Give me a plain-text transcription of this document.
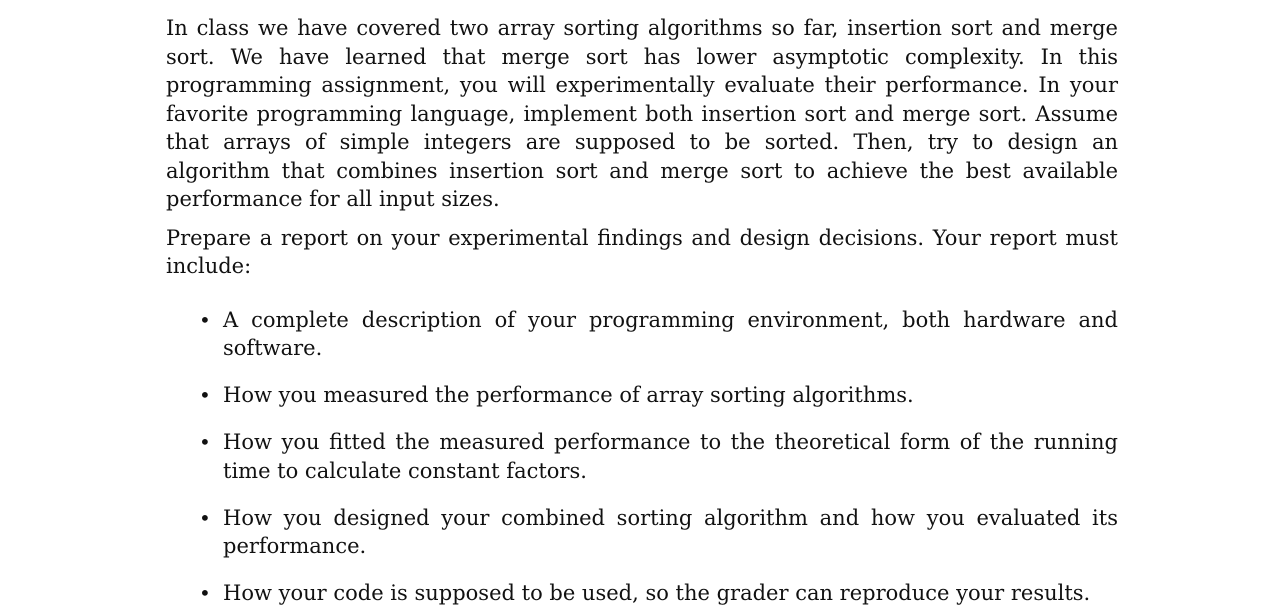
In class we have covered two array sorting algorithms so far, insertion sort and merge sort. We have learned that merge sort has lower asymptotic complexity. In this programming assignment, you will experimentally evaluate their performance. In your favorite programming language, implement both insertion sort and merge sort. Assume that arrays of simple integers are supposed to be sorted. Then, try to design an algorithm that combines insertion sort and merge sort to achieve the best available performance for all input sizes.

Prepare a report on your experimental findings and design decisions. Your report must include:

• A complete description of your programming environment, both hardware and software.
• How you measured the performance of array sorting algorithms.
• How you fitted the measured performance to the theoretical form of the running time to calculate constant factors.
• How you designed your combined sorting algorithm and how you evaluated its performance.
• How your code is supposed to be used, so the grader can reproduce your results.
